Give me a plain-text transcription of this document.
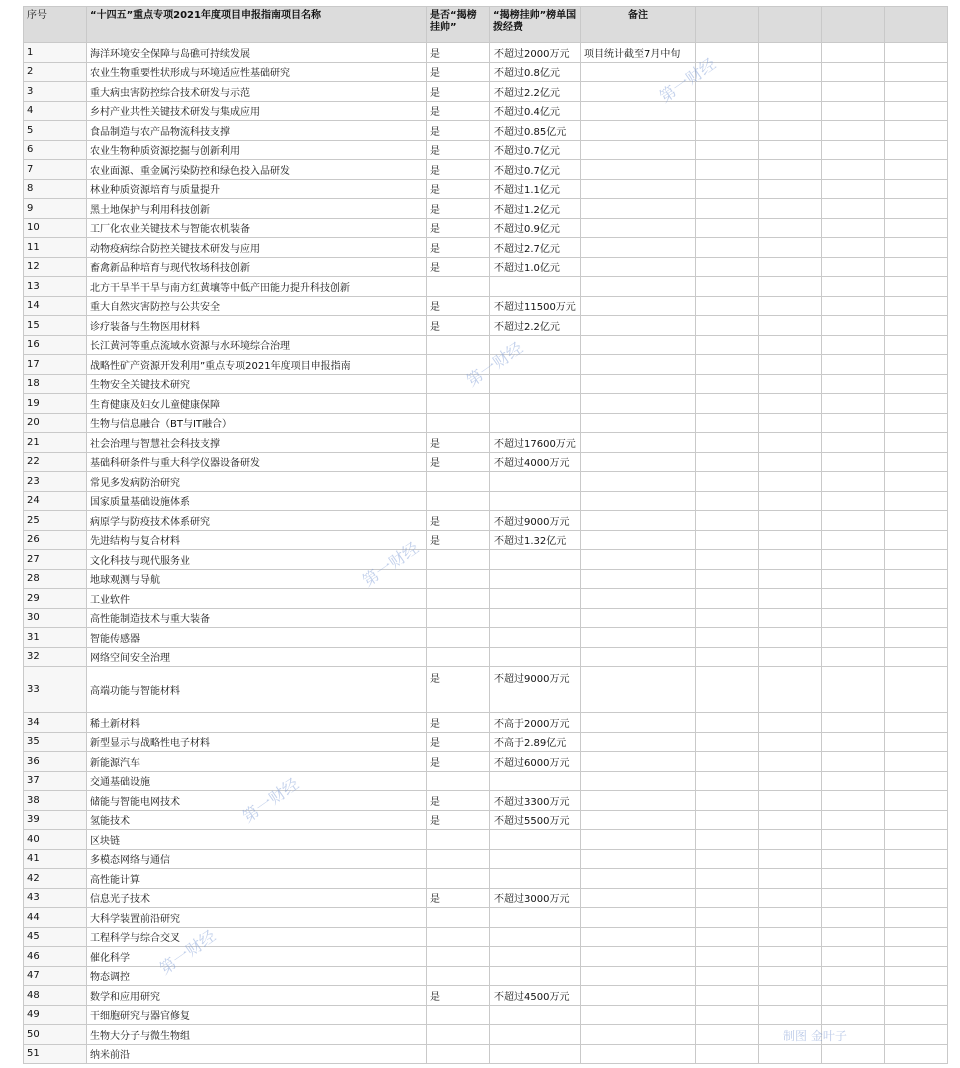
序号	“十四五”重点专项2021年度项目申报指南项目名称	是否“揭榜挂帅”	“揭榜挂帅”榜单国拨经费	备注				
1	海洋环境安全保障与岛礁可持续发展	是	不超过2000万元	项目统计截至7月中旬				
2	农业生物重要性状形成与环境适应性基础研究	是	不超过0.8亿元					
3	重大病虫害防控综合技术研发与示范	是	不超过2.2亿元					
4	乡村产业共性关键技术研发与集成应用	是	不超过0.4亿元					
5	食品制造与农产品物流科技支撑	是	不超过0.85亿元					
6	农业生物种质资源挖掘与创新利用	是	不超过0.7亿元					
7	农业面源、重金属污染防控和绿色投入品研发	是	不超过0.7亿元					
8	林业种质资源培育与质量提升	是	不超过1.1亿元					
9	黑土地保护与利用科技创新	是	不超过1.2亿元					
10	工厂化农业关键技术与智能农机装备	是	不超过0.9亿元					
11	动物疫病综合防控关键技术研发与应用	是	不超过2.7亿元					
12	畜禽新品种培育与现代牧场科技创新	是	不超过1.0亿元					
13	北方干旱半干旱与南方红黄壤等中低产田能力提升科技创新							
14	重大自然灾害防控与公共安全	是	不超过11500万元					
15	诊疗装备与生物医用材料	是	不超过2.2亿元					
16	长江黄河等重点流域水资源与水环境综合治理							
17	战略性矿产资源开发利用”重点专项2021年度项目申报指南							
18	生物安全关键技术研究							
19	生育健康及妇女儿童健康保障							
20	生物与信息融合（BT与IT融合）							
21	社会治理与智慧社会科技支撑	是	不超过17600万元					
22	基础科研条件与重大科学仪器设备研发	是	不超过4000万元					
23	常见多发病防治研究							
24	国家质量基础设施体系							
25	病原学与防疫技术体系研究	是	不超过9000万元					
26	先进结构与复合材料	是	不超过1.32亿元					
27	文化科技与现代服务业							
28	地球观测与导航							
29	工业软件							
30	高性能制造技术与重大装备							
31	智能传感器							
32	网络空间安全治理							
33	高端功能与智能材料	是	不超过9000万元					
34	稀土新材料	是	不高于2000万元					
35	新型显示与战略性电子材料	是	不高于2.89亿元					
36	新能源汽车	是	不超过6000万元					
37	交通基础设施							
38	储能与智能电网技术	是	不超过3300万元					
39	氢能技术	是	不超过5500万元					
40	区块链							
41	多模态网络与通信							
42	高性能计算							
43	信息光子技术	是	不超过3000万元					
44	大科学装置前沿研究							
45	工程科学与综合交叉							
46	催化科学							
47	物态调控							
48	数学和应用研究	是	不超过4500万元					
49	干细胞研究与器官修复							
50	生物大分子与微生物组							
51	纳米前沿							
第一财经
第一财经
第一财经
第一财经
第一财经
制图 金叶子
